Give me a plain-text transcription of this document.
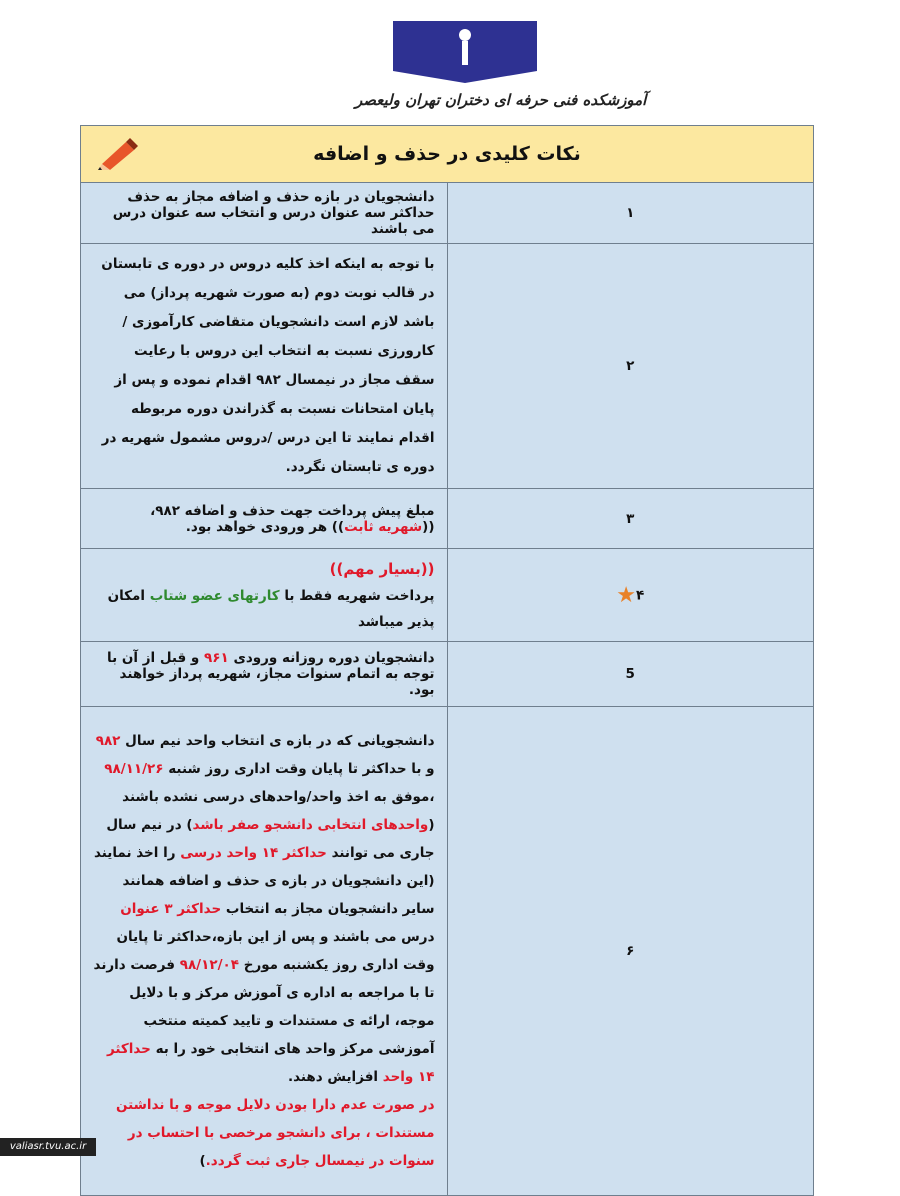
آموزشکده فنی حرفه ای دختران تهران ولیعصر
نکات کلیدی در حذف و اضافه	

۱	دانشجویان در بازه حذف و اضافه مجاز به حذف حداکثر سه عنوان درس و انتخاب سه عنوان درس می باشند
۲	با توجه به اینکه اخذ کلیه دروس در دوره ی تابستان در قالب نوبت دوم (به صورت شهریه پرداز) می باشد لازم است دانشجویان متقاضی کارآموزی /کارورزی نسبت به انتخاب این دروس با رعایت سقف مجاز در نیمسال ۹۸۲ اقدام نموده و پس از پایان امتحانات نسبت به گذراندن دوره مربوطه اقدام نمایند تا این درس /دروس مشمول شهریه در دوره ی تابستان نگردد.
۳	مبلغ پیش پرداخت جهت حذف و اضافه ۹۸۲، ((شهریه ثابت)) هر ورودی خواهد بود.
۴★	((بسیار مهم))
پرداخت شهریه فقط با کارتهای عضو شتاب امکان پذیر میباشد

5	دانشجویان دوره روزانه ورودی ۹۶۱ و قبل از آن با توجه به اتمام سنوات مجاز، شهریه پرداز خواهند بود.
۶	دانشجویانی که در بازه ی انتخاب واحد نیم سال ۹۸۲ و با حداکثر تا پایان وقت اداری روز شنبه ۹۸/۱۱/۲۶ ،موفق به اخذ واحد/واحدهای درسی نشده باشند (واحدهای انتخابی دانشجو صفر باشد) در نیم سال جاری می توانند حداکثر ۱۴ واحد درسی را اخذ نمایند (این دانشجویان در بازه ی حذف و اضافه همانند سایر دانشجویان مجاز به انتخاب حداکثر ۳ عنوان درس می باشند و پس از این بازه،حداکثر تا پایان وقت اداری روز یکشنبه مورخ ۹۸/۱۲/۰۴ فرصت دارند تا با مراجعه به اداره ی آموزش مرکز و با دلایل موجه، ارائه ی مستندات و تایید کمیته منتخب آموزشی مرکز واحد های انتخابی خود را به حداکثر ۱۴ واحد افزایش دهند.
در صورت عدم دارا بودن دلایل موجه و با نداشتن مستندات ، برای دانشجو مرخصی با احتساب در سنوات در نیمسال جاری ثبت گردد.)
valiasr.tvu.ac.ir
